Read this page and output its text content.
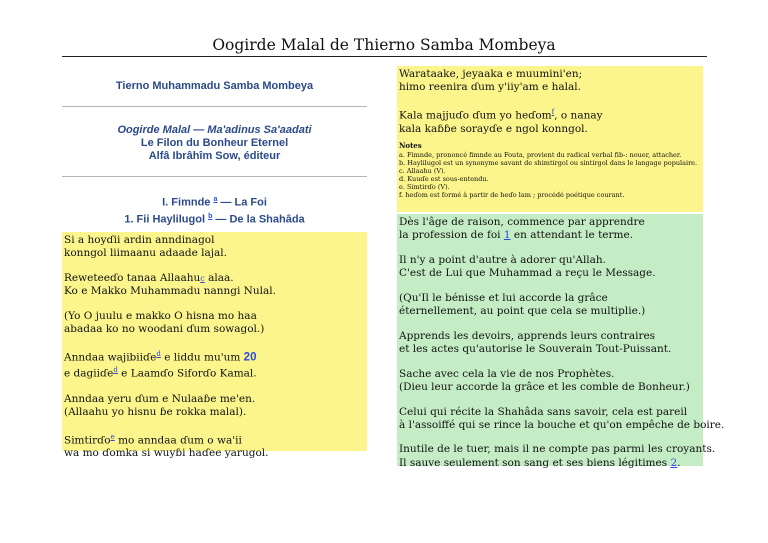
Oogirde Malal de Thierno Samba Mombeya
Tierno Muhammadu Samba Mombeya
Oogirde Malal — Ma'adinus Sa'aadati
Le Filon du Bonheur Eternel
Alfâ Ibrâhîm Sow, éditeur
I. Fimnde $^a$ — La Foi
1. Fii Haylilugol $^b$ — De la Shahâda

Si a hoyɗii ardin anndinagol
konngol liimaanu adaade lajal.

Reweteeɗo tanaa Allaahuc alaa.
Ko e Makko Muhammadu nanngi Nulal.

(Yo O juulu e makko O hisna mo haa
abadaa ko no woodani ɗum sowagol.)

Anndaa wajibiiɗe$^d$ e liddu mu'um 20
e dagiiɗe$^d$ e Laamɗo Siforɗo Kamal.

Anndaa yeru ɗum e Nulaaɓe me'en.
(Allaahu yo hisnu ɓe rokka malal).

Simtirɗo$^e$ mo anndaa ɗum o wa'ii
wa mo ɗomka si wuyɓi haɗee yarugol.

Warataake, jeyaaka e muumini'en;
himo reenira ɗum y'iiy'am e halal.

Kala majjuɗo ɗum yo heɗom$^f$, o nanay
kala kaɓɓe sorayɗe e ngol konngol.

Notes
a. Fimnde, prononcé fimnde au Fouta, provient du radical verbal fib-: nouer, attacher.
b. Haylilugol est un synonyme savant de shimtirgol ou sintirgol dans le langage populaire.
c. Allaahu (V).
d. Kuuɗe est sous-entendu.
e. Simtirɗo (V).
f. heɗom est formé à partir de heɗo lam ; procédé poétique courant.

Dès l'âge de raison, commence par apprendre
la profession de foi 1 en attendant le terme.

Il n'y a point d'autre à adorer qu'Allah.
C'est de Lui que Muhammad a reçu le Message.

(Qu'Il le bénisse et lui accorde la grâce
éternellement, au point que cela se multiplie.)

Apprends les devoirs, apprends leurs contraires
et les actes qu'autorise le Souverain Tout-Puissant.

Sache avec cela la vie de nos Prophètes.
(Dieu leur accorde la grâce et les comble de Bonheur.)

Celui qui récite la Shahâda sans savoir, cela est pareil
à l'assoiffé qui se rince la bouche et qu'on empêche de boire.

Inutile de le tuer, mais il ne compte pas parmi les croyants.
Il sauve seulement son sang et ses biens légitimes 2.
